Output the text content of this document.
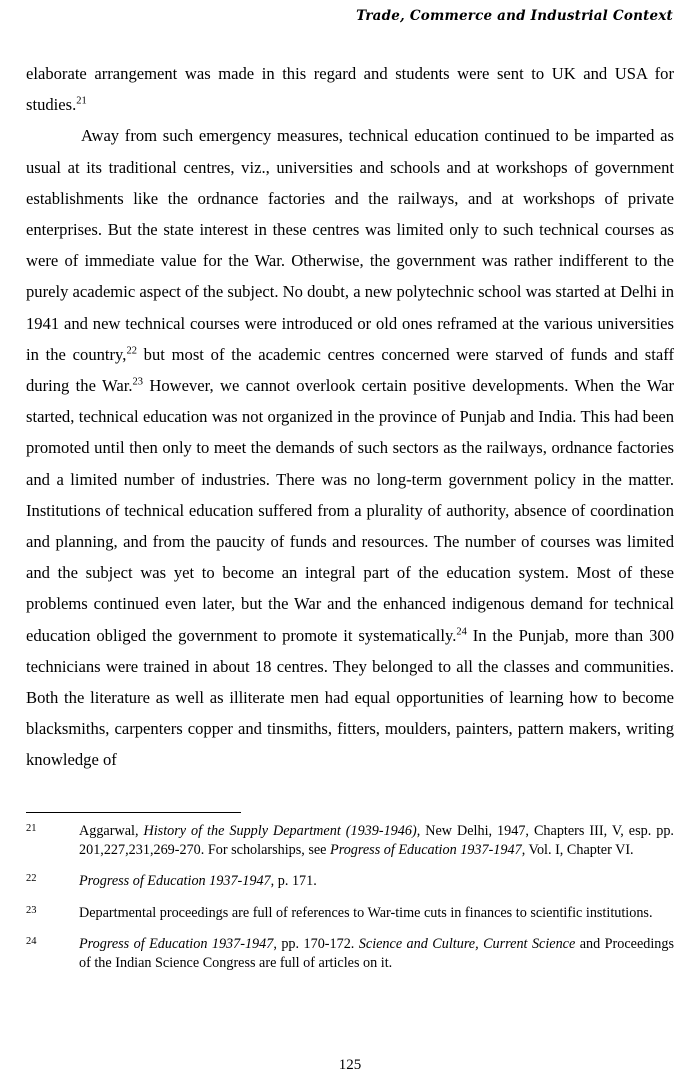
Trade, Commerce and Industrial Context

elaborate arrangement was made in this regard and students were sent to UK and USA for studies.$^{21}$

Away from such emergency measures, technical education continued to be imparted as usual at its traditional centres, viz., universities and schools and at workshops of government establishments like the ordnance factories and the railways, and at workshops of private enterprises. But the state interest in these centres was limited only to such technical courses as were of immediate value for the War. Otherwise, the government was rather indifferent to the purely academic aspect of the subject. No doubt, a new polytechnic school was started at Delhi in 1941 and new technical courses were introduced or old ones reframed at the various universities in the country,$^{22}$ but most of the academic centres concerned were starved of funds and staff during the War.$^{23}$ However, we cannot overlook certain positive developments. When the War started, technical education was not organized in the province of Punjab and India. This had been promoted until then only to meet the demands of such sectors as the railways, ordnance factories and a limited number of industries. There was no long-term government policy in the matter. Institutions of technical education suffered from a plurality of authority, absence of coordination and planning, and from the paucity of funds and resources. The number of courses was limited and the subject was yet to become an integral part of the education system. Most of these problems continued even later, but the War and the enhanced indigenous demand for technical education obliged the government to promote it systematically.$^{24}$ In the Punjab, more than 300 technicians were trained in about 18 centres. They belonged to all the classes and communities. Both the literature as well as illiterate men had equal opportunities of learning how to become blacksmiths, carpenters copper and tinsmiths, fitters, moulders, painters, pattern makers, writing knowledge of

21	Aggarwal, History of the Supply Department (1939-1946), New Delhi, 1947, Chapters III, V, esp. pp. 201,227,231,269-270. For scholarships, see Progress of Education 1937-1947, Vol. I, Chapter VI.
22	Progress of Education 1937-1947, p. 171.
23	Departmental proceedings are full of references to War-time cuts in finances to scientific institutions.
24	Progress of Education 1937-1947, pp. 170-172. Science and Culture, Current Science and Proceedings of the Indian Science Congress are full of articles on it.
125
